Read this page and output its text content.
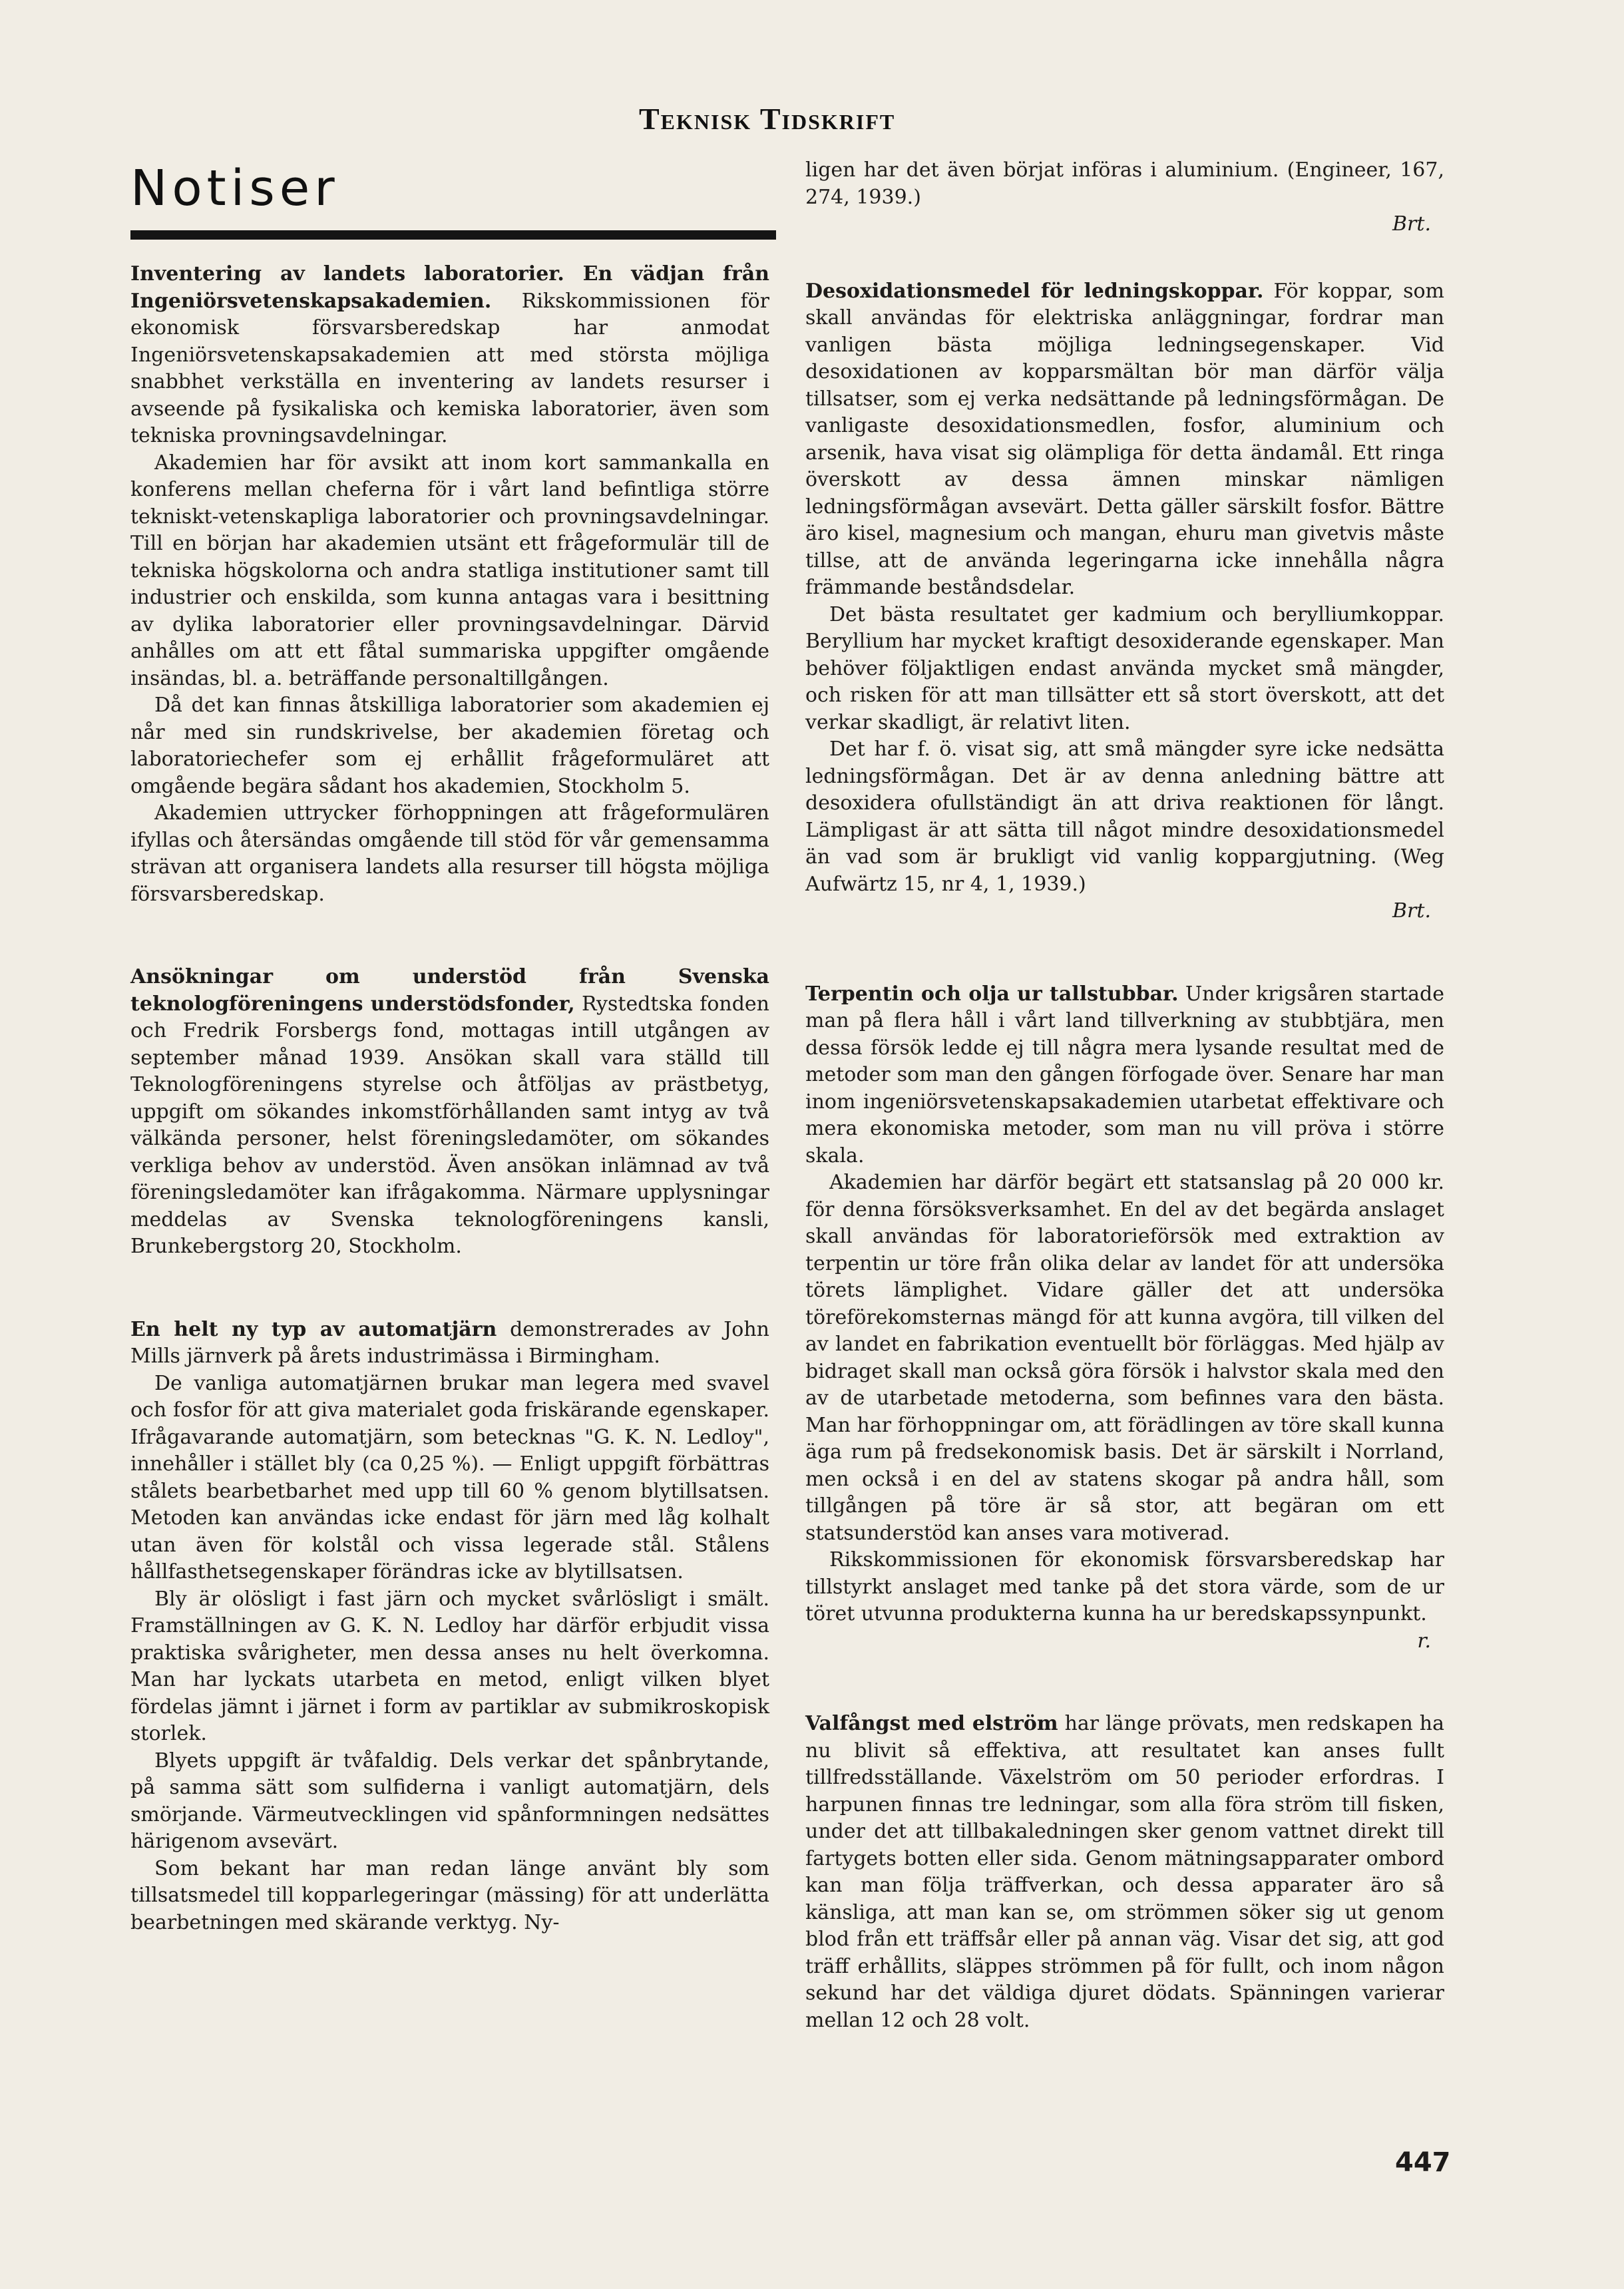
Teknisk Tidskrift
Notiser

Inventering av landets laboratorier. En vädjan från Ingeniörsvetenskapsakademien. Rikskommissionen för ekonomisk försvarsberedskap har anmodat Ingeniörsvetenskapsakademien att med största möjliga snabbhet verkställa en inventering av landets resurser i avseende på fysikaliska och kemiska laboratorier, även som tekniska provningsavdelningar.

Akademien har för avsikt att inom kort sammankalla en konferens mellan cheferna för i vårt land befintliga större tekniskt-vetenskapliga laboratorier och provningsavdelningar. Till en början har akademien utsänt ett frågeformulär till de tekniska högskolorna och andra statliga institutioner samt till industrier och enskilda, som kunna antagas vara i besittning av dylika laboratorier eller provningsavdelningar. Därvid anhålles om att ett fåtal summariska uppgifter omgående insändas, bl. a. beträffande personaltillgången.

Då det kan finnas åtskilliga laboratorier som akademien ej når med sin rundskrivelse, ber akademien företag och laboratoriechefer som ej erhållit frågeformuläret att omgående begära sådant hos akademien, Stockholm 5.

Akademien uttrycker förhoppningen att frågeformulären ifyllas och återsändas omgående till stöd för vår gemensamma strävan att organisera landets alla resurser till högsta möjliga försvarsberedskap.

Ansökningar om understöd från Svenska teknologföreningens understödsfonder, Rystedtska fonden och Fredrik Forsbergs fond, mottagas intill utgången av september månad 1939. Ansökan skall vara ställd till Teknologföreningens styrelse och åtföljas av prästbetyg, uppgift om sökandes inkomstförhållanden samt intyg av två välkända personer, helst föreningsledamöter, om sökandes verkliga behov av understöd. Även ansökan inlämnad av två föreningsledamöter kan ifrågakomma. Närmare upplysningar meddelas av Svenska teknologföreningens kansli, Brunkebergstorg 20, Stockholm.

En helt ny typ av automatjärn demonstrerades av John Mills järnverk på årets industrimässa i Birmingham.

De vanliga automatjärnen brukar man legera med svavel och fosfor för att giva materialet goda friskärande egenskaper. Ifrågavarande automatjärn, som betecknas "G. K. N. Ledloy", innehåller i stället bly (ca 0,25 %). — Enligt uppgift förbättras stålets bearbetbarhet med upp till 60 % genom blytillsatsen. Metoden kan användas icke endast för järn med låg kolhalt utan även för kolstål och vissa legerade stål. Stålens hållfasthetsegenskaper förändras icke av blytillsatsen.

Bly är olösligt i fast järn och mycket svårlösligt i smält. Framställningen av G. K. N. Ledloy har därför erbjudit vissa praktiska svårigheter, men dessa anses nu helt överkomna. Man har lyckats utarbeta en metod, enligt vilken blyet fördelas jämnt i järnet i form av partiklar av submikroskopisk storlek.

Blyets uppgift är tvåfaldig. Dels verkar det spånbrytande, på samma sätt som sulfiderna i vanligt automatjärn, dels smörjande. Värmeutvecklingen vid spånformningen nedsättes härigenom avsevärt.

Som bekant har man redan länge använt bly som tillsatsmedel till kopparlegeringar (mässing) för att underlätta bearbetningen med skärande verktyg. Ny-

ligen har det även börjat införas i aluminium. (Engineer, 167, 274, 1939.)

Brt.

Desoxidationsmedel för ledningskoppar. För koppar, som skall användas för elektriska anläggningar, fordrar man vanligen bästa möjliga ledningsegenskaper. Vid desoxidationen av kopparsmältan bör man därför välja tillsatser, som ej verka nedsättande på ledningsförmågan. De vanligaste desoxidationsmedlen, fosfor, aluminium och arsenik, hava visat sig olämpliga för detta ändamål. Ett ringa överskott av dessa ämnen minskar nämligen ledningsförmågan avsevärt. Detta gäller särskilt fosfor. Bättre äro kisel, magnesium och mangan, ehuru man givetvis måste tillse, att de använda legeringarna icke innehålla några främmande beståndsdelar.

Det bästa resultatet ger kadmium och berylliumkoppar. Beryllium har mycket kraftigt desoxiderande egenskaper. Man behöver följaktligen endast använda mycket små mängder, och risken för att man tillsätter ett så stort överskott, att det verkar skadligt, är relativt liten.

Det har f. ö. visat sig, att små mängder syre icke nedsätta ledningsförmågan. Det är av denna anledning bättre att desoxidera ofullständigt än att driva reaktionen för långt. Lämpligast är att sätta till något mindre desoxidationsmedel än vad som är brukligt vid vanlig koppargjutning. (Weg Aufwärtz 15, nr 4, 1, 1939.)

Brt.

Terpentin och olja ur tallstubbar. Under krigsåren startade man på flera håll i vårt land tillverkning av stubbtjära, men dessa försök ledde ej till några mera lysande resultat med de metoder som man den gången förfogade över. Senare har man inom ingeniörsvetenskapsakademien utarbetat effektivare och mera ekonomiska metoder, som man nu vill pröva i större skala.

Akademien har därför begärt ett statsanslag på 20 000 kr. för denna försöksverksamhet. En del av det begärda anslaget skall användas för laboratorieförsök med extraktion av terpentin ur töre från olika delar av landet för att undersöka törets lämplighet. Vidare gäller det att undersöka töreförekomsternas mängd för att kunna avgöra, till vilken del av landet en fabrikation eventuellt bör förläggas. Med hjälp av bidraget skall man också göra försök i halvstor skala med den av de utarbetade metoderna, som befinnes vara den bästa. Man har förhoppningar om, att förädlingen av töre skall kunna äga rum på fredsekonomisk basis. Det är särskilt i Norrland, men också i en del av statens skogar på andra håll, som tillgången på töre är så stor, att begäran om ett statsunderstöd kan anses vara motiverad.

Rikskommissionen för ekonomisk försvarsberedskap har tillstyrkt anslaget med tanke på det stora värde, som de ur töret utvunna produkterna kunna ha ur beredskapssynpunkt.

r.

Valfångst med elström har länge prövats, men redskapen ha nu blivit så effektiva, att resultatet kan anses fullt tillfredsställande. Växelström om 50 perioder erfordras. I harpunen finnas tre ledningar, som alla föra ström till fisken, under det att tillbakaledningen sker genom vattnet direkt till fartygets botten eller sida. Genom mätningsapparater ombord kan man följa träffverkan, och dessa apparater äro så känsliga, att man kan se, om strömmen söker sig ut genom blod från ett träffsår eller på annan väg. Visar det sig, att god träff erhållits, släppes strömmen på för fullt, och inom någon sekund har det väldiga djuret dödats. Spänningen varierar mellan 12 och 28 volt.

447
